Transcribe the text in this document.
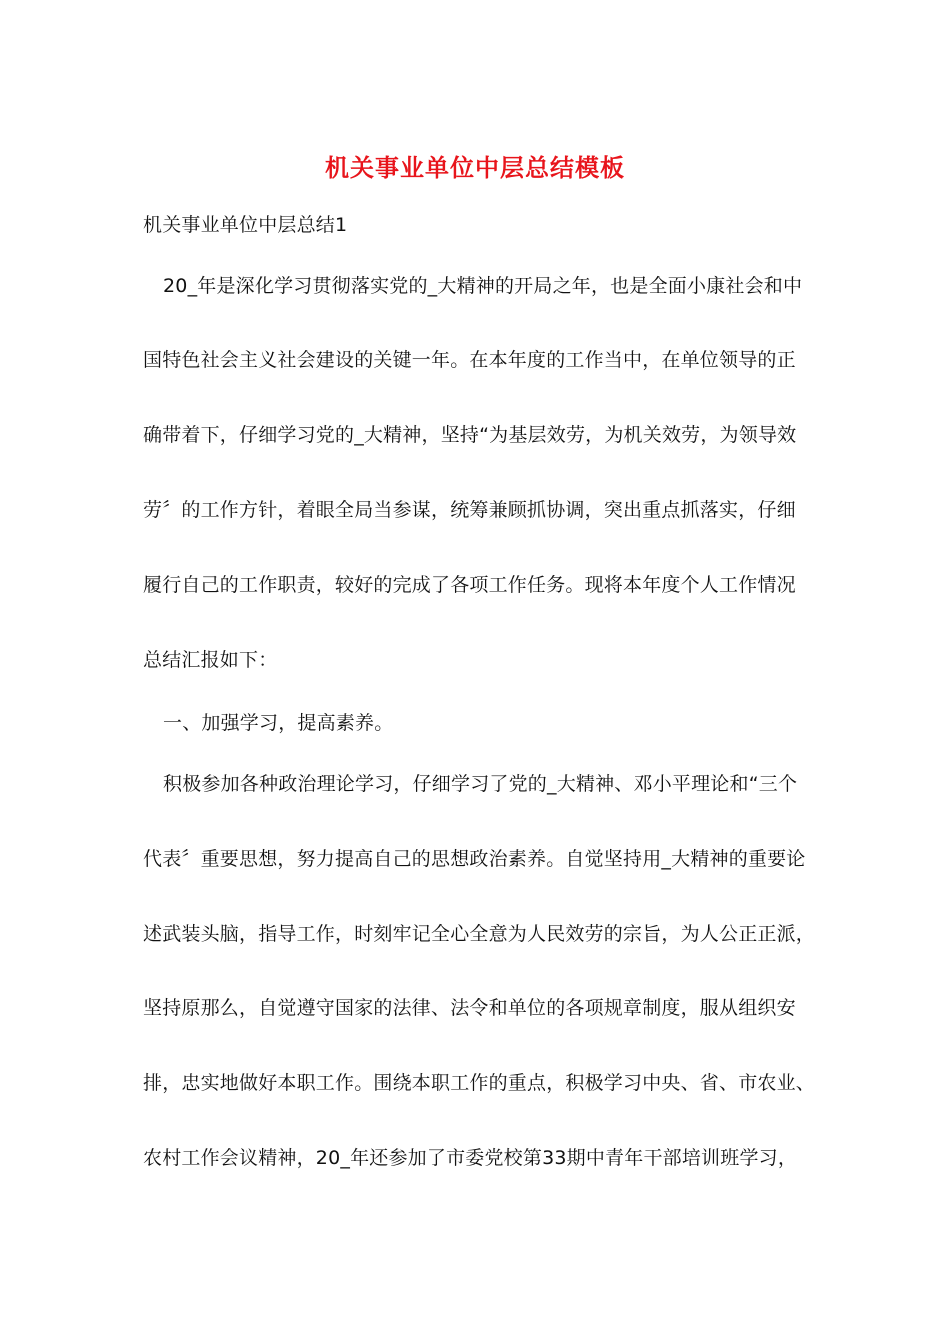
机关事业单位中层总结模板
机关事业单位中层总结1
20_年是深化学习贯彻落实党的_大精神的开局之年，也是全面小康社会和中
国特色社会主义社会建设的关键一年。在本年度的工作当中，在单位领导的正
确带着下，仔细学习党的_大精神，坚持“为基层效劳，为机关效劳，为领导效
劳〞的工作方针，着眼全局当参谋，统筹兼顾抓协调，突出重点抓落实，仔细
履行自己的工作职责，较好的完成了各项工作任务。现将本年度个人工作情况
总结汇报如下：
一、加强学习，提高素养。
积极参加各种政治理论学习，仔细学习了党的_大精神、邓小平理论和“三个
代表〞重要思想，努力提高自己的思想政治素养。自觉坚持用_大精神的重要论
述武装头脑，指导工作，时刻牢记全心全意为人民效劳的宗旨，为人公正正派，
坚持原那么，自觉遵守国家的法律、法令和单位的各项规章制度，服从组织安
排，忠实地做好本职工作。围绕本职工作的重点，积极学习中央、省、市农业、
农村工作会议精神，20_年还参加了市委党校第33期中青年干部培训班学习，
